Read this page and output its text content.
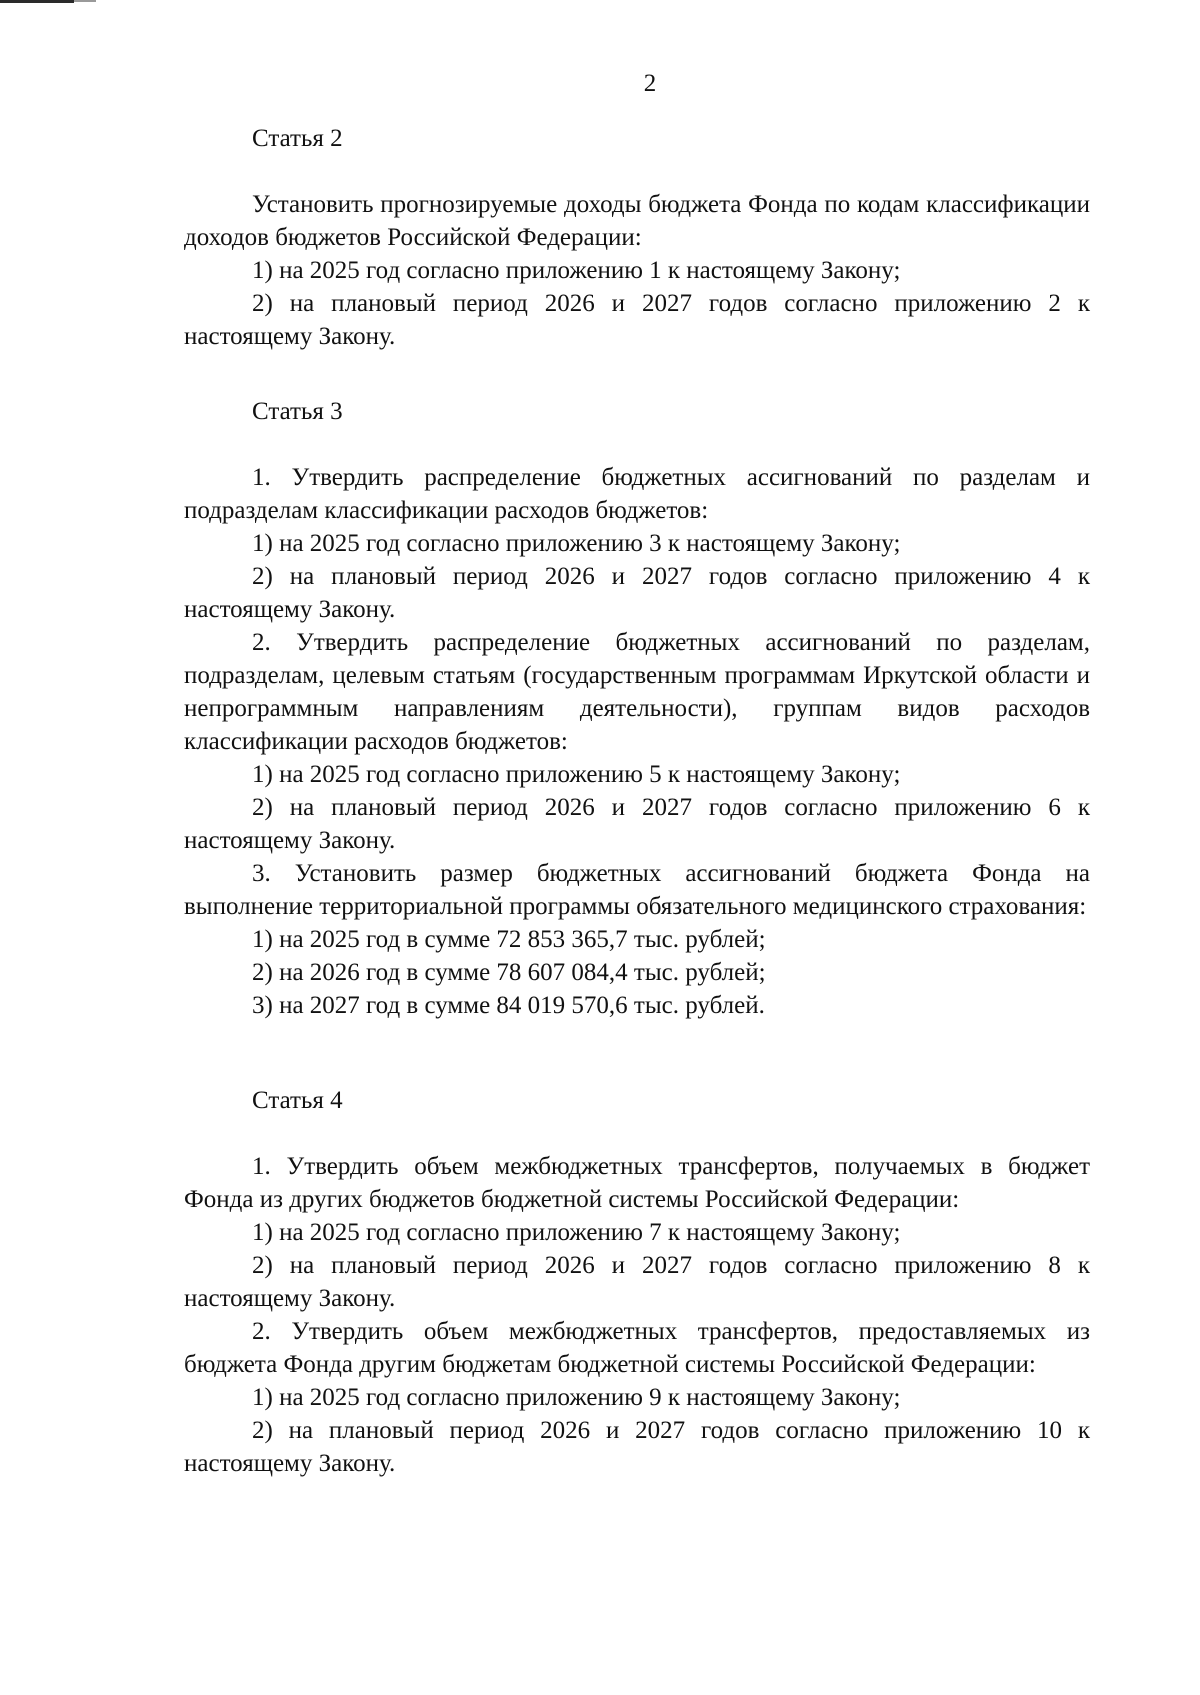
2
Статья 2

Установить прогнозируемые доходы бюджета Фонда по кодам классификации доходов бюджетов Российской Федерации:

1) на 2025 год согласно приложению 1 к настоящему Закону;

2) на плановый период 2026 и 2027 годов согласно приложению 2 к настоящему Закону.

Статья 3

1. Утвердить распределение бюджетных ассигнований по разделам и подразделам классификации расходов бюджетов:

1) на 2025 год согласно приложению 3 к настоящему Закону;

2) на плановый период 2026 и 2027 годов согласно приложению 4 к настоящему Закону.

2. Утвердить распределение бюджетных ассигнований по разделам, подразделам, целевым статьям (государственным программам Иркутской области и непрограммным направлениям деятельности), группам видов расходов классификации расходов бюджетов:

1) на 2025 год согласно приложению 5 к настоящему Закону;

2) на плановый период 2026 и 2027 годов согласно приложению 6 к настоящему Закону.

3. Установить размер бюджетных ассигнований бюджета Фонда на выполнение территориальной программы обязательного медицинского страхования:

1) на 2025 год в сумме 72 853 365,7 тыс. рублей;

2) на 2026 год в сумме 78 607 084,4 тыс. рублей;

3) на 2027 год в сумме 84 019 570,6 тыс. рублей.

Статья 4

1. Утвердить объем межбюджетных трансфертов, получаемых в бюджет Фонда из других бюджетов бюджетной системы Российской Федерации:

1) на 2025 год согласно приложению 7 к настоящему Закону;

2) на плановый период 2026 и 2027 годов согласно приложению 8 к настоящему Закону.

2. Утвердить объем межбюджетных трансфертов, предоставляемых из бюджета Фонда другим бюджетам бюджетной системы Российской Федерации:

1) на 2025 год согласно приложению 9 к настоящему Закону;

2) на плановый период 2026 и 2027 годов согласно приложению 10 к настоящему Закону.
